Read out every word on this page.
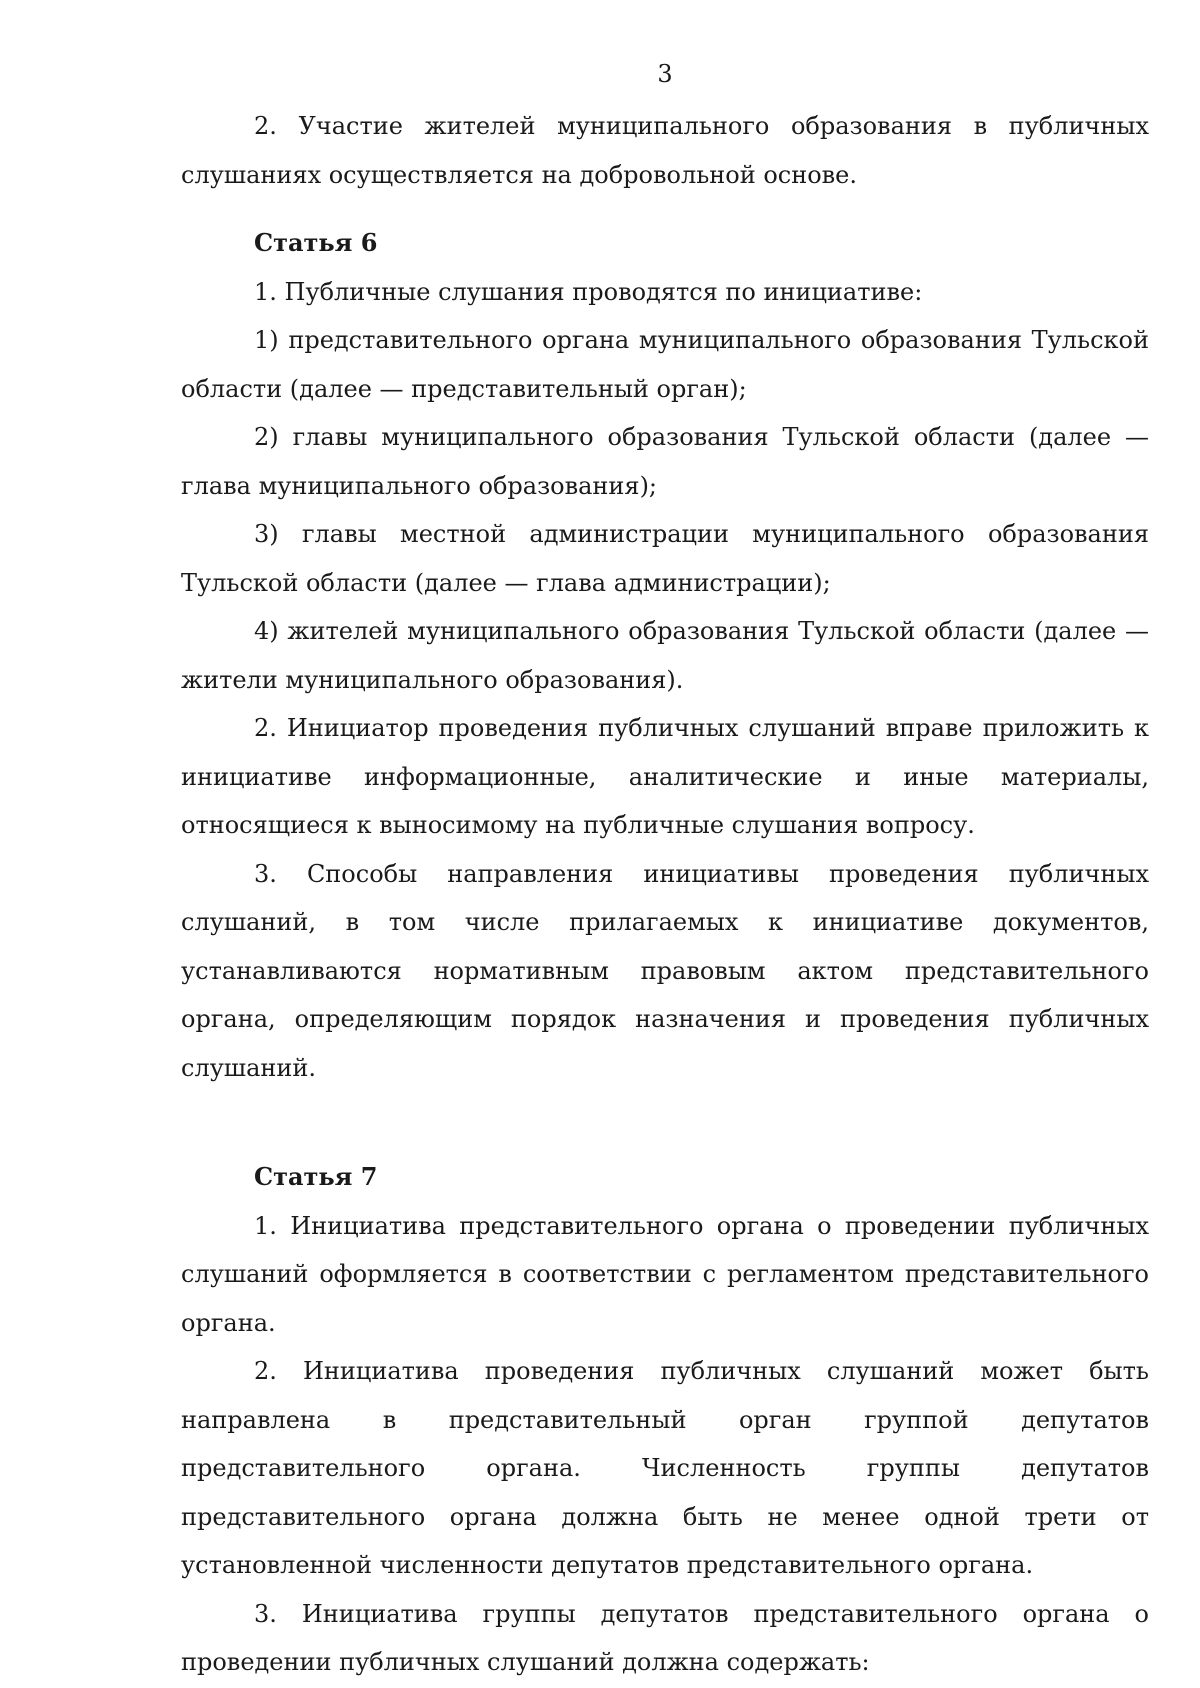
3

2. Участие жителей муниципального образования в публичных слушаниях осуществляется на добровольной основе.

Статья 6

1. Публичные слушания проводятся по инициативе:

1) представительного органа муниципального образования Тульской области (далее — представительный орган);

2) главы муниципального образования Тульской области (далее — глава муниципального образования);

3) главы местной администрации муниципального образования Тульской области (далее — глава администрации);

4) жителей муниципального образования Тульской области (далее — жители муниципального образования).

2. Инициатор проведения публичных слушаний вправе приложить к инициативе информационные, аналитические и иные материалы, относящиеся к выносимому на публичные слушания вопросу.

3. Способы направления инициативы проведения публичных слушаний, в том числе прилагаемых к инициативе документов, устанавливаются нормативным правовым актом представительного органа, определяющим порядок назначения и проведения публичных слушаний.

Статья 7

1. Инициатива представительного органа о проведении публичных слушаний оформляется в соответствии с регламентом представительного органа.

2. Инициатива проведения публичных слушаний может быть направлена в представительный орган группой депутатов представительного органа. Численность группы депутатов представительного органа должна быть не менее одной трети от установленной численности депутатов представительного органа.

3. Инициатива группы депутатов представительного органа о проведении публичных слушаний должна содержать:
